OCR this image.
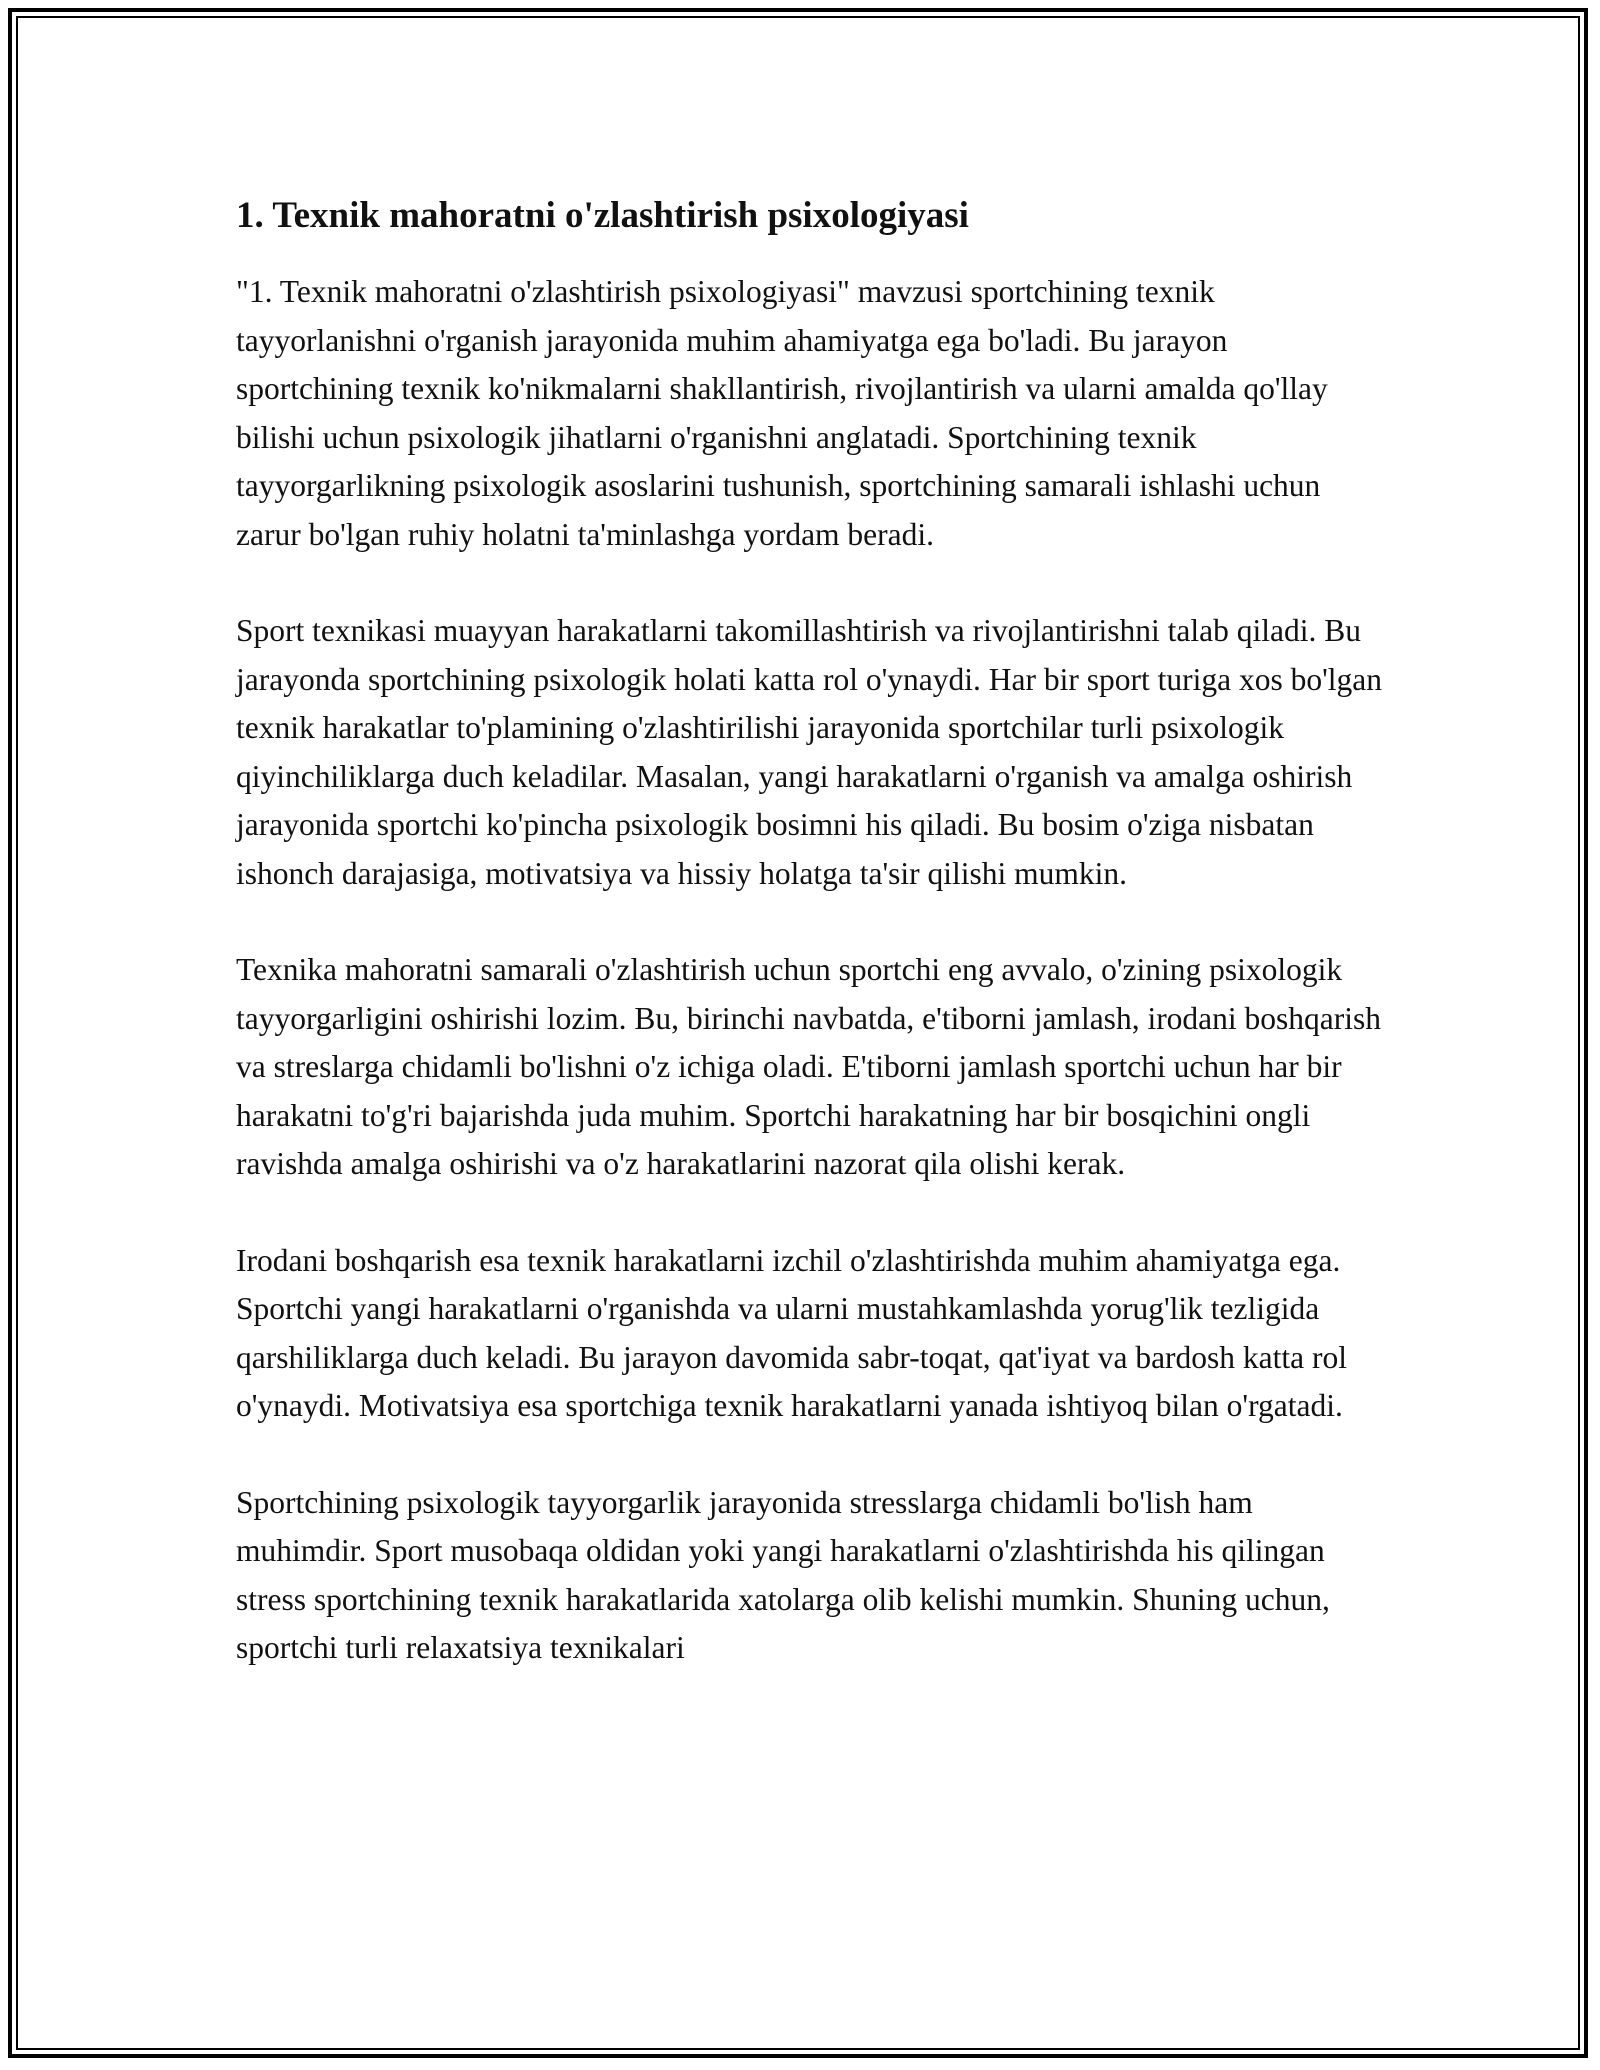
1. Texnik mahoratni o'zlashtirish psixologiyasi

"1. Texnik mahoratni o'zlashtirish psixologiyasi" mavzusi sportchining texnik tayyorlanishni o'rganish jarayonida muhim ahamiyatga ega bo'ladi. Bu jarayon sportchining texnik ko'nikmalarni shakllantirish, rivojlantirish va ularni amalda qo'llay bilishi uchun psixologik jihatlarni o'rganishni anglatadi. Sportchining texnik tayyorgarlikning psixologik asoslarini tushunish, sportchining samarali ishlashi uchun zarur bo'lgan ruhiy holatni ta'minlashga yordam beradi.

Sport texnikasi muayyan harakatlarni takomillashtirish va rivojlantirishni talab qiladi. Bu jarayonda sportchining psixologik holati katta rol o'ynaydi. Har bir sport turiga xos bo'lgan texnik harakatlar to'plamining o'zlashtirilishi jarayonida sportchilar turli psixologik qiyinchiliklarga duch keladilar. Masalan, yangi harakatlarni o'rganish va amalga oshirish jarayonida sportchi ko'pincha psixologik bosimni his qiladi. Bu bosim o'ziga nisbatan ishonch darajasiga, motivatsiya va hissiy holatga ta'sir qilishi mumkin.

Texnika mahoratni samarali o'zlashtirish uchun sportchi eng avvalo, o'zining psixologik tayyorgarligini oshirishi lozim. Bu, birinchi navbatda, e'tiborni jamlash, irodani boshqarish va streslarga chidamli bo'lishni o'z ichiga oladi. E'tiborni jamlash sportchi uchun har bir harakatni to'g'ri bajarishda juda muhim. Sportchi harakatning har bir bosqichini ongli ravishda amalga oshirishi va o'z harakatlarini nazorat qila olishi kerak.

Irodani boshqarish esa texnik harakatlarni izchil o'zlashtirishda muhim ahamiyatga ega. Sportchi yangi harakatlarni o'rganishda va ularni mustahkamlashda yorug'lik tezligida qarshiliklarga duch keladi. Bu jarayon davomida sabr-toqat, qat'iyat va bardosh katta rol o'ynaydi. Motivatsiya esa sportchiga texnik harakatlarni yanada ishtiyoq bilan o'rgatadi.

Sportchining psixologik tayyorgarlik jarayonida stresslarga chidamli bo'lish ham muhimdir. Sport musobaqa oldidan yoki yangi harakatlarni o'zlashtirishda his qilingan stress sportchining texnik harakatlarida xatolarga olib kelishi mumkin. Shuning uchun, sportchi turli relaxatsiya texnikalari
